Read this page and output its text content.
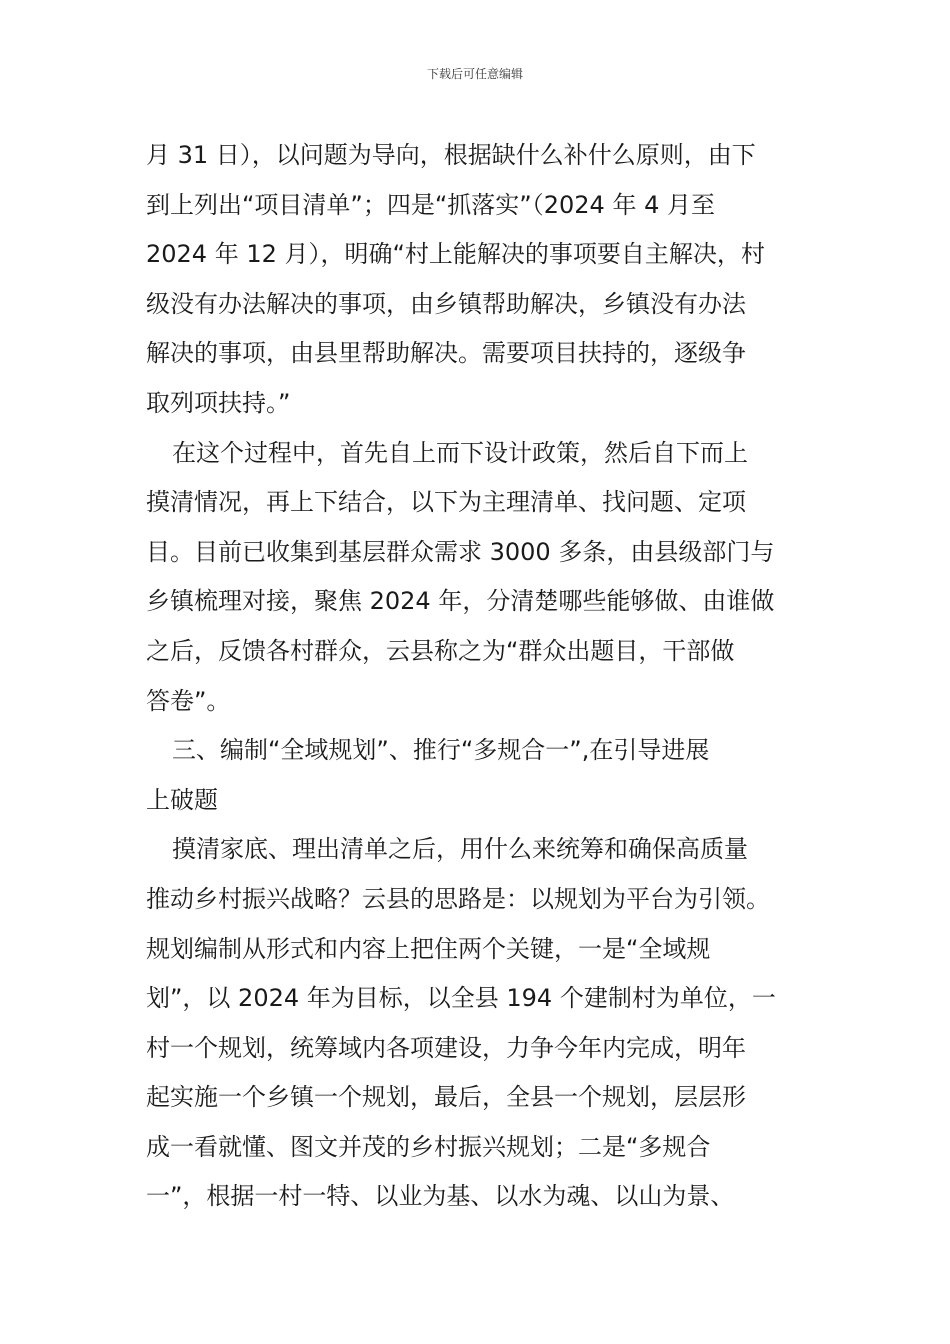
下载后可任意编辑
月 31 日），以问题为导向，根据缺什么补什么原则，由下
到上列出“项目清单”；四是“抓落实”（2024 年 4 月至
2024 年 12 月），明确“村上能解决的事项要自主解决，村
级没有办法解决的事项，由乡镇帮助解决，乡镇没有办法
解决的事项，由县里帮助解决。需要项目扶持的，逐级争
取列项扶持。”
在这个过程中，首先自上而下设计政策，然后自下而上
摸清情况，再上下结合，以下为主理清单、找问题、定项
目。目前已收集到基层群众需求 3000 多条，由县级部门与
乡镇梳理对接，聚焦 2024 年，分清楚哪些能够做、由谁做
之后，反馈各村群众，云县称之为“群众出题目，干部做
答卷”。
三、编制“全域规划”、推行“多规合一”,在引导进展
上破题
摸清家底、理出清单之后，用什么来统筹和确保高质量
推动乡村振兴战略？云县的思路是：以规划为平台为引领。
规划编制从形式和内容上把住两个关键，一是“全域规
划”，以 2024 年为目标，以全县 194 个建制村为单位，一
村一个规划，统筹域内各项建设，力争今年内完成，明年
起实施一个乡镇一个规划，最后，全县一个规划，层层形
成一看就懂、图文并茂的乡村振兴规划；二是“多规合
一”，根据一村一特、以业为基、以水为魂、以山为景、
